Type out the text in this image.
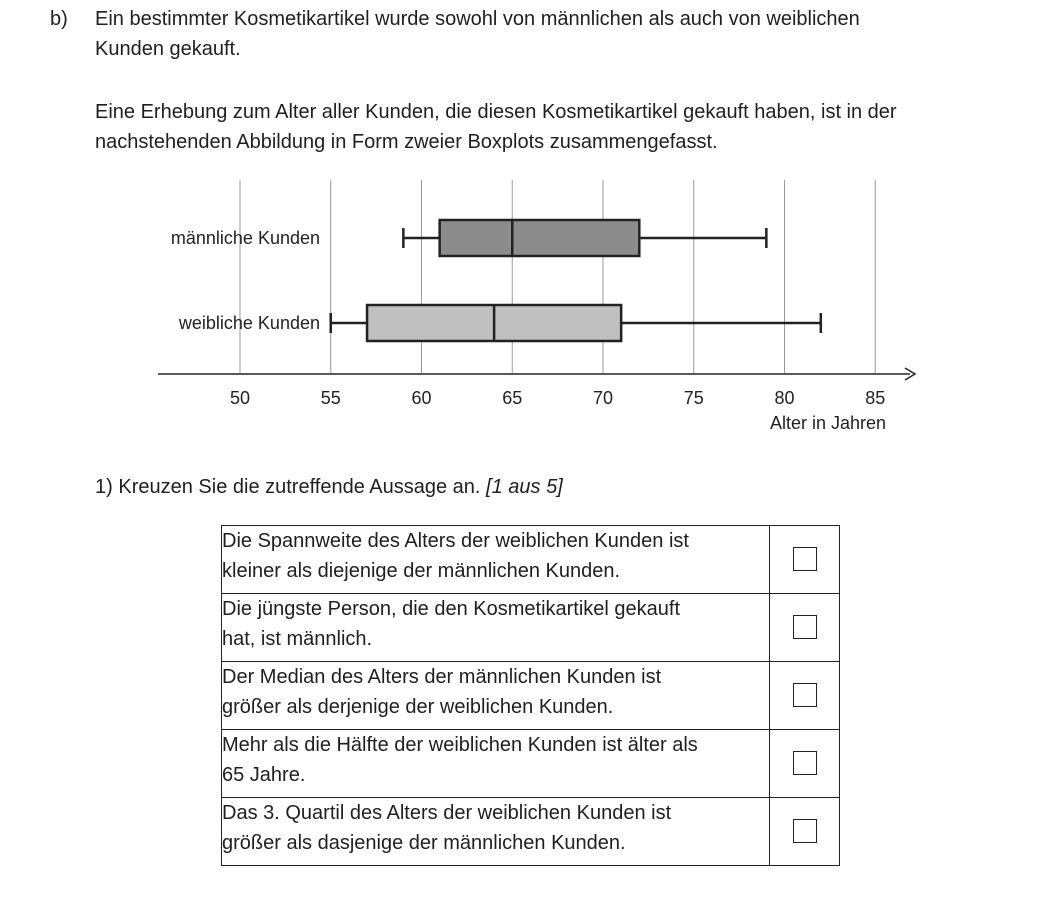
b) Ein bestimmter Kosmetikartikel wurde sowohl von männlichen als auch von weiblichen
Kunden gekauft.
Eine Erhebung zum Alter aller Kunden, die diesen Kosmetikartikel gekauft haben, ist in der
nachstehenden Abbildung in Form zweier Boxplots zusammengefasst.
50	55	60	65	70	75	80	85
Alter in Jahren
männliche Kunden
weibliche Kunden
1) Kreuzen Sie die zutreffende Aussage an. [1 aus 5]
Die Spannweite des Alters der weiblichen Kunden ist
kleiner als diejenige der männlichen Kunden.	

Die jüngste Person, die den Kosmetikartikel gekauft
hat, ist männlich.	

Der Median des Alters der männlichen Kunden ist
größer als derjenige der weiblichen Kunden.	

Mehr als die Hälfte der weiblichen Kunden ist älter als
65 Jahre.	

Das 3. Quartil des Alters der weiblichen Kunden ist
größer als dasjenige der männlichen Kunden.	
